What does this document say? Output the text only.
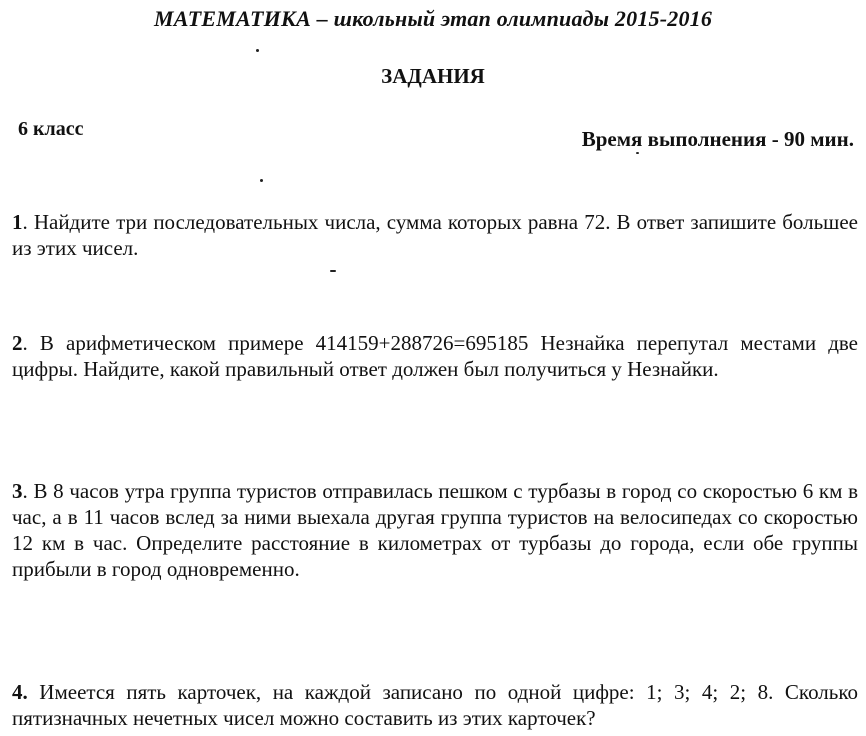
МАТЕМАТИКА – школьный этап олимпиады 2015-2016
ЗАДАНИЯ
6 класс	Время выполнения - 90 мин.
1. Найдите три последовательных числа, сумма которых равна 72. В ответ запишите большее из этих чисел.
2. В арифметическом примере 414159+288726=695185 Незнайка перепутал местами две цифры. Найдите, какой правильный ответ должен был получиться у Незнайки.
3. В 8 часов утра группа туристов отправилась пешком с турбазы в город со скоростью 6 км в час, а в 11 часов вслед за ними выехала другая группа туристов на велосипедах со скоростью 12 км в час. Определите расстояние в километрах от турбазы до города, если обе группы прибыли в город одновременно.
4. Имеется пять карточек, на каждой записано по одной цифре: 1; 3; 4; 2; 8. Сколько пятизначных нечетных чисел можно составить из этих карточек?
